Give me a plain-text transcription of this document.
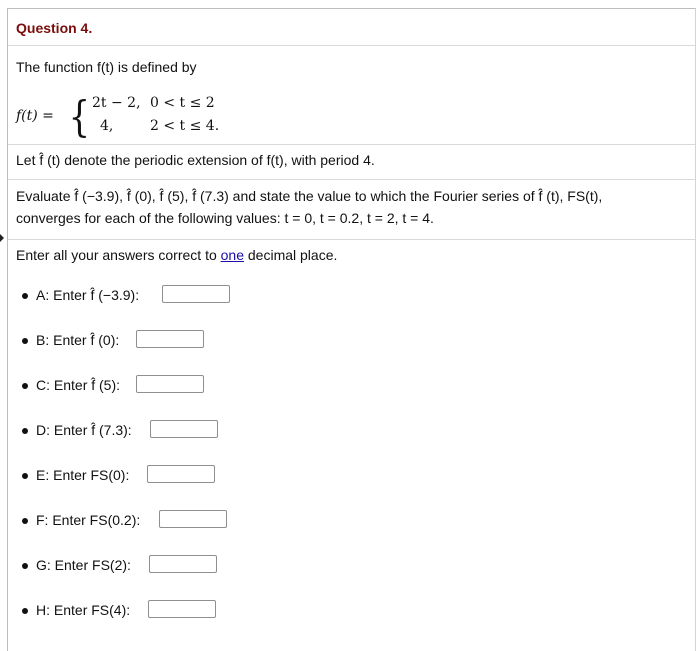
Question 4.
The function f(t) is defined by
f(t) = { 2t − 2, 0 < t ≤ 2
4,	2 < t ≤ 4.
Let f̂ (t) denote the periodic extension of f(t), with period 4.
Evaluate f̂ (−3.9), f̂ (0), f̂ (5), f̂ (7.3) and state the value to which the Fourier series of f̂ (t), FS(t),
converges for each of the following values: t = 0, t = 0.2, t = 2, t = 4.
Enter all your answers correct to one decimal place.
A: Enter f̂ (−3.9):
B: Enter f̂ (0):
C: Enter f̂ (5):
D: Enter f̂ (7.3):
E: Enter FS(0):
F: Enter FS(0.2):
G: Enter FS(2):
H: Enter FS(4):
